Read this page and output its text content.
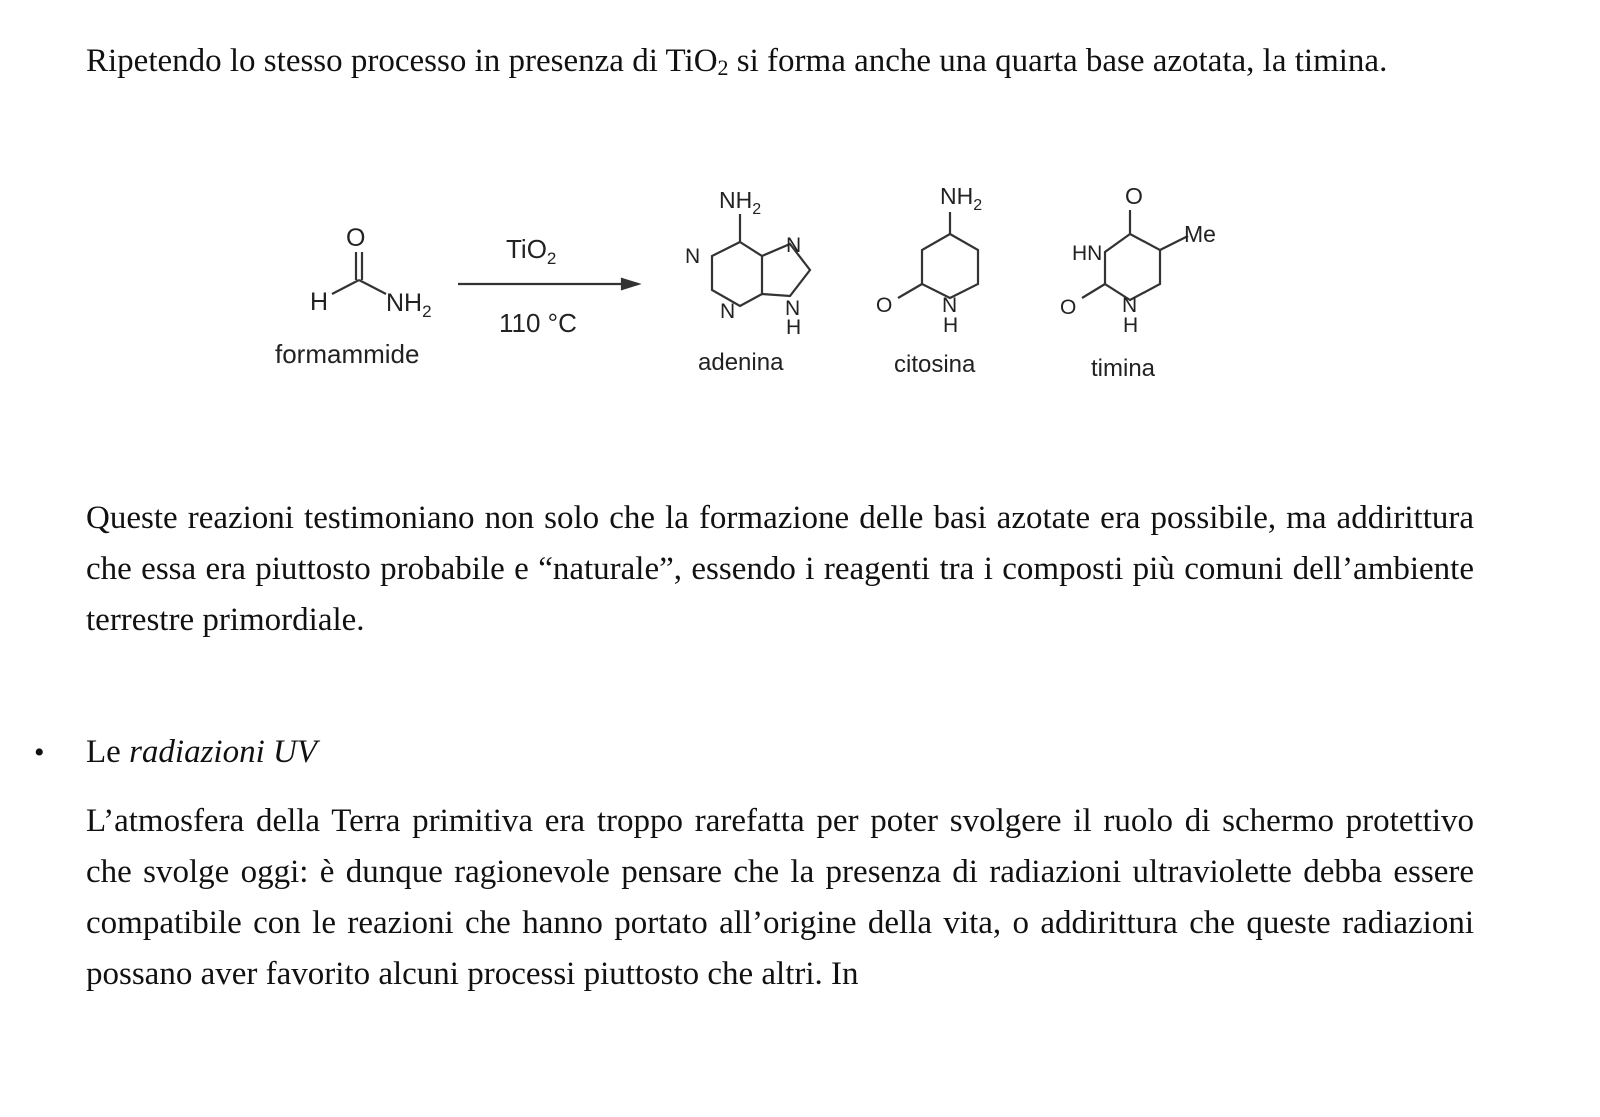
Ripetendo lo stesso processo in presenza di TiO$_2$ si forma anche una quarta base azotata, la timina.

O
H $NH_2$
formammide
TiO$_2$
110 °C
$NH_2$
N	N
N N
H
adenina
$NH_2$
O N
H
citosina
O
Me
HN
O N
H
timina

Queste reazioni testimoniano non solo che la formazione delle basi azotate era possibile, ma addirittura che essa era piuttosto probabile e “naturale”, essendo i reagenti tra i composti più comuni dell’ambiente terrestre primordiale.

• Le radiazioni UV

L’atmosfera della Terra primitiva era troppo rarefatta per poter svolgere il ruolo di schermo protettivo che svolge oggi: è dunque ragionevole pensare che la presenza di radiazioni ultraviolette debba essere compatibile con le reazioni che hanno portato all’origine della vita, o addirittura che queste radiazioni possano aver favorito alcuni processi piuttosto che altri. In
